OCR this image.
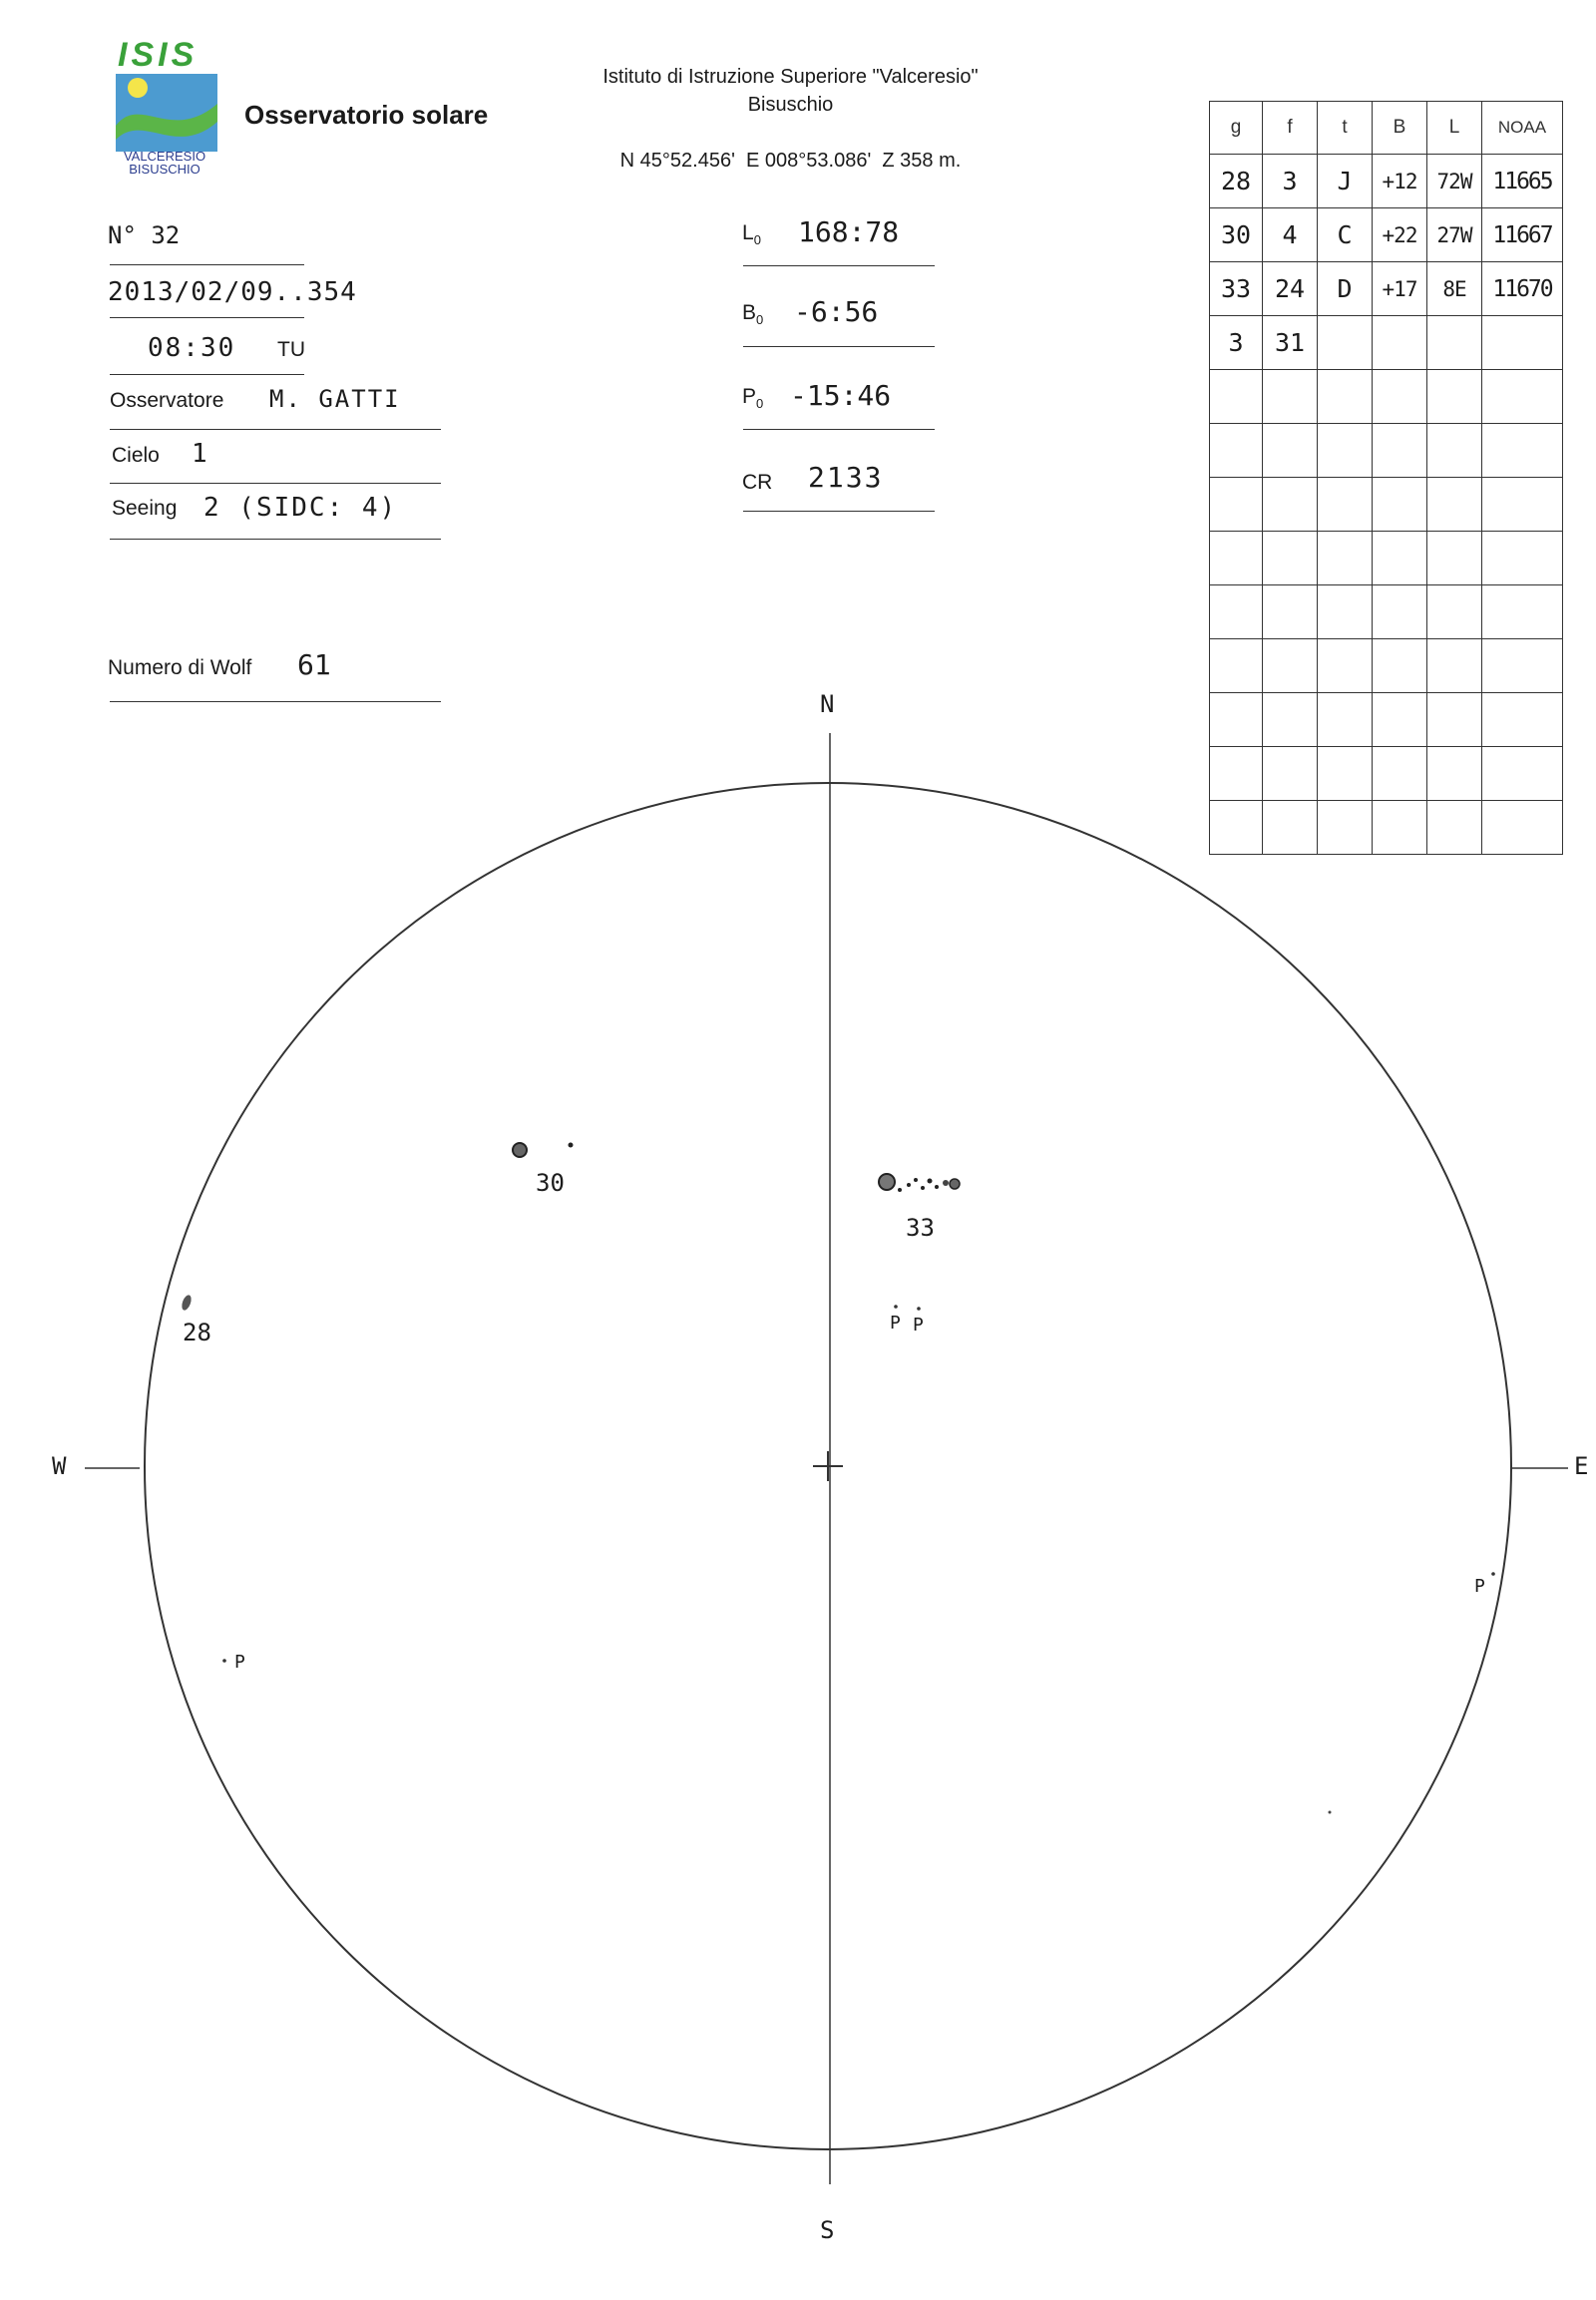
ISIS
VALCERESIO
BISUSCHIO
Osservatorio solare
Istituto di Istruzione Superiore "Valceresio"
Bisuschio
N 45°52.456'  E 008°53.086'  Z 358 m.
N° 32
2013/02/09..354
08:30 TU
Osservatore M. GATTI
Cielo 1
Seeing 2 (SIDC: 4)
Numero di Wolf 61
$L_0$ 168:78
$B_0$ -6:56
$P_0$ -15:46
CR 2133
g	f	t	B	L	NOAA
28	3	J	+12	72W	11665
30	4	C	+22	27W	11667
33	24	D	+17	8E	11670
3	31				

N
S
W	E
30
28
33
P P
P
P
